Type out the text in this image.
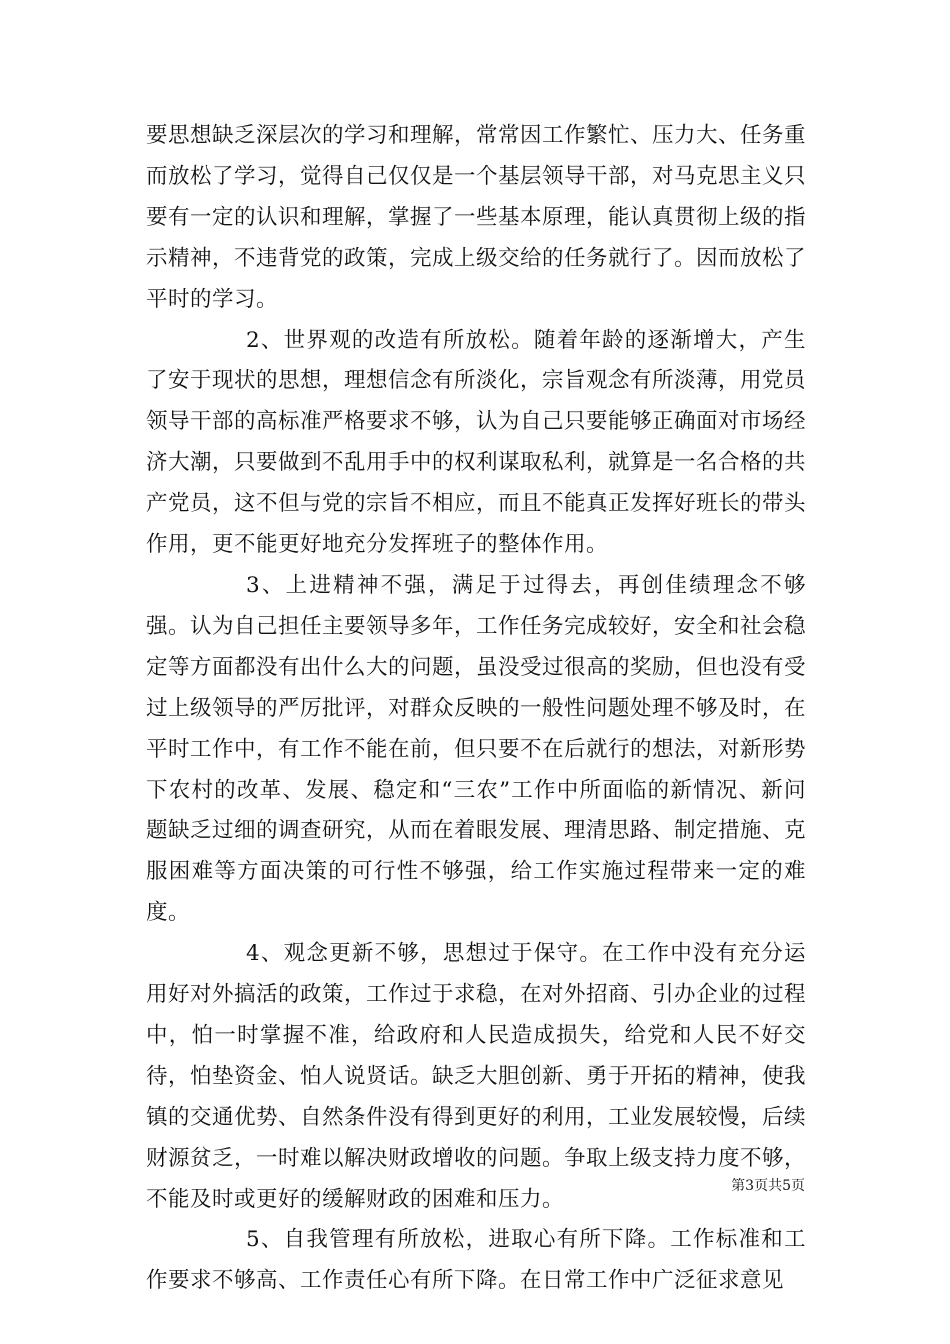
要思想缺乏深层次的学习和理解，常常因工作繁忙、压力大、任务重而放松了学习，觉得自己仅仅是一个基层领导干部，对马克思主义只要有一定的认识和理解，掌握了一些基本原理，能认真贯彻上级的指示精神，不违背党的政策，完成上级交给的任务就行了。因而放松了平时的学习。

2、世界观的改造有所放松。随着年龄的逐渐增大，产生了安于现状的思想，理想信念有所淡化，宗旨观念有所淡薄，用党员领导干部的高标准严格要求不够，认为自己只要能够正确面对市场经济大潮，只要做到不乱用手中的权利谋取私利，就算是一名合格的共产党员，这不但与党的宗旨不相应，而且不能真正发挥好班长的带头作用，更不能更好地充分发挥班子的整体作用。

3、上进精神不强，满足于过得去，再创佳绩理念不够强。认为自己担任主要领导多年，工作任务完成较好，安全和社会稳定等方面都没有出什么大的问题，虽没受过很高的奖励，但也没有受过上级领导的严厉批评，对群众反映的一般性问题处理不够及时，在平时工作中，有工作不能在前，但只要不在后就行的想法，对新形势下农村的改革、发展、稳定和“三农”工作中所面临的新情况、新问题缺乏过细的调查研究，从而在着眼发展、理清思路、制定措施、克服困难等方面决策的可行性不够强，给工作实施过程带来一定的难度。

4、观念更新不够，思想过于保守。在工作中没有充分运用好对外搞活的政策，工作过于求稳，在对外招商、引办企业的过程中，怕一时掌握不准，给政府和人民造成损失，给党和人民不好交待，怕垫资金、怕人说贤话。缺乏大胆创新、勇于开拓的精神，使我镇的交通优势、自然条件没有得到更好的利用，工业发展较慢，后续财源贫乏，一时难以解决财政增收的问题。争取上级支持力度不够，不能及时或更好的缓解财政的困难和压力。

5、自我管理有所放松，进取心有所下降。工作标准和工作要求不够高、工作责任心有所下降。在日常工作中广泛征求意见

第3页共5页
